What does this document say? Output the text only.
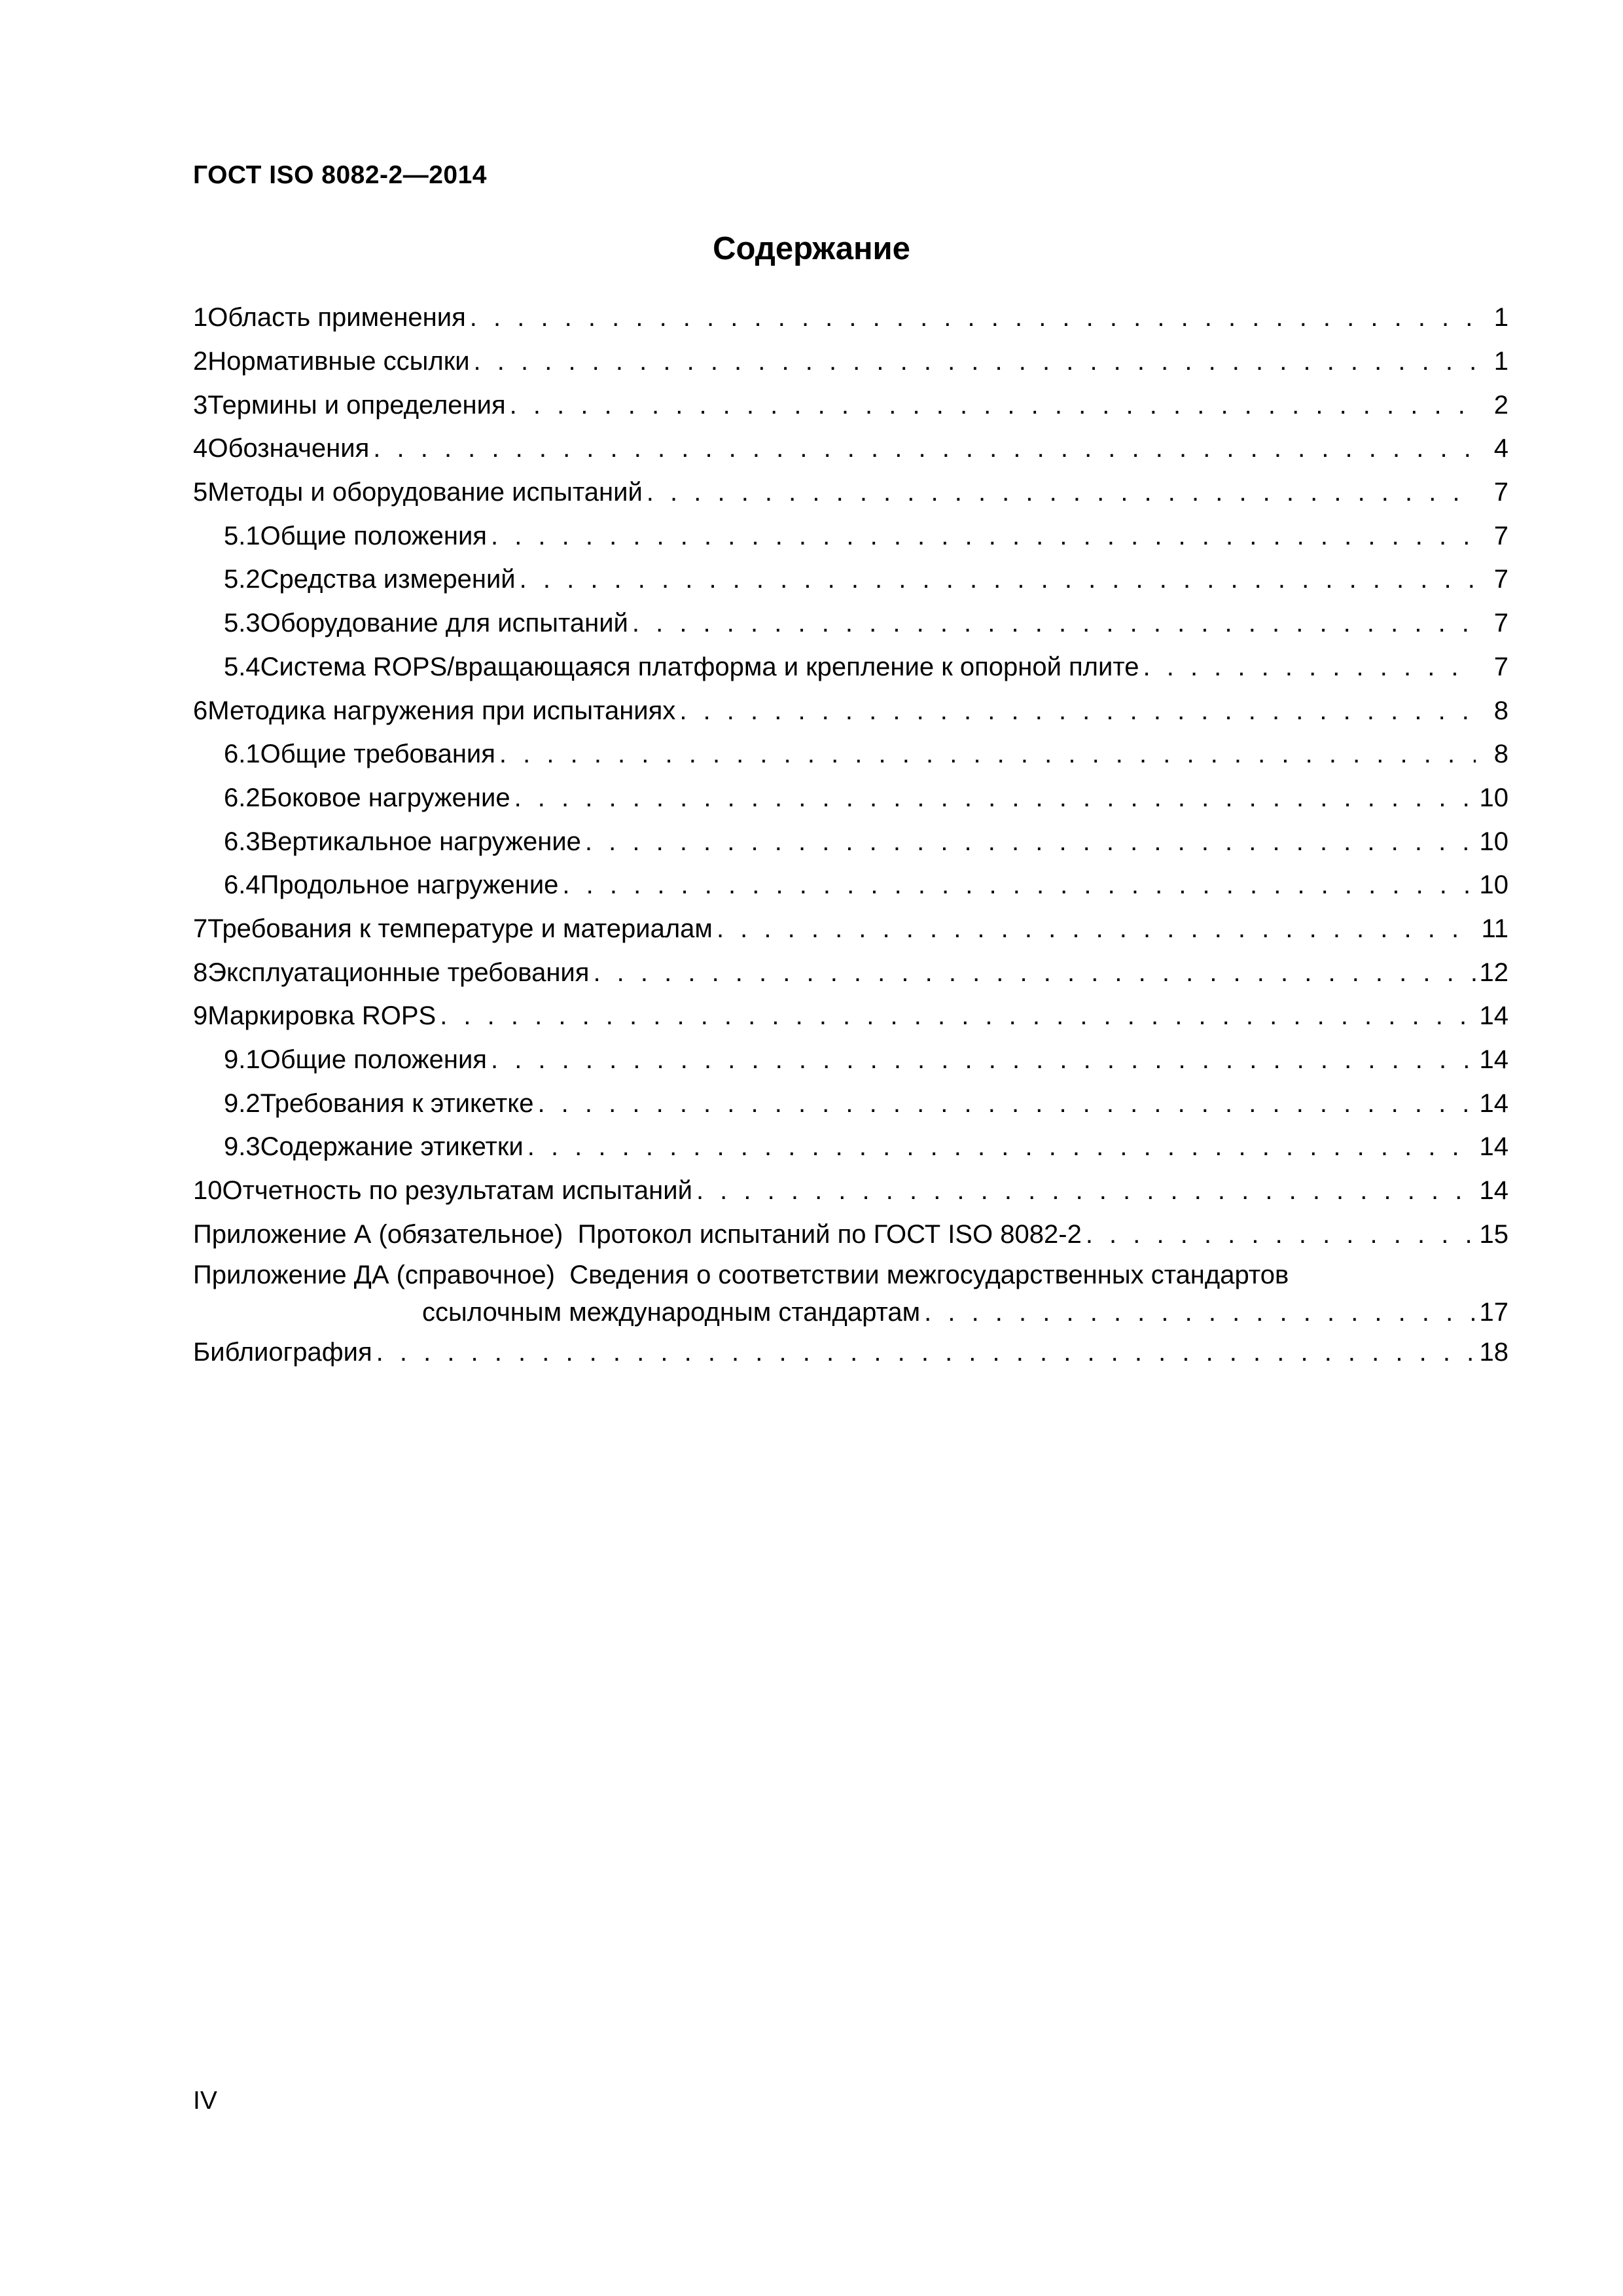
ГОСТ ISO 8082-2—2014
Содержание
1 Область применения . . .	1
2 Нормативные ссылки . . .	1
3 Термины и определения . . .	2
4 Обозначения . . .	4
5 Методы и оборудование испытаний . . .	7
5.1 Общие положения . . .	7
5.2 Средства измерений . . .	7
5.3 Оборудование для испытаний . . .	7
5.4 Система ROPS/вращающаяся платформа и крепление к опорной плите . . .	7
6 Методика нагружения при испытаниях . . .	8
6.1 Общие требования . . .	8
6.2 Боковое нагружение . . .	10
6.3 Вертикальное нагружение . . .	10
6.4 Продольное нагружение . . .	10
7 Требования к температуре и материалам . . .	11
8 Эксплуатационные требования . . .	12
9 Маркировка ROPS . . .	14
9.1 Общие положения . . .	14
9.2 Требования к этикетке . . .	14
9.3 Содержание этикетки . . .	14
10 Отчетность по результатам испытаний . . .	14
Приложение А (обязательное)  Протокол испытаний по ГОСТ ISO 8082-2 . . .	15
Приложение ДА (справочное)  Сведения о соответствии межгосударственных стандартов
ссылочным международным стандартам . . .	17
Библиография . . .	18
IV
